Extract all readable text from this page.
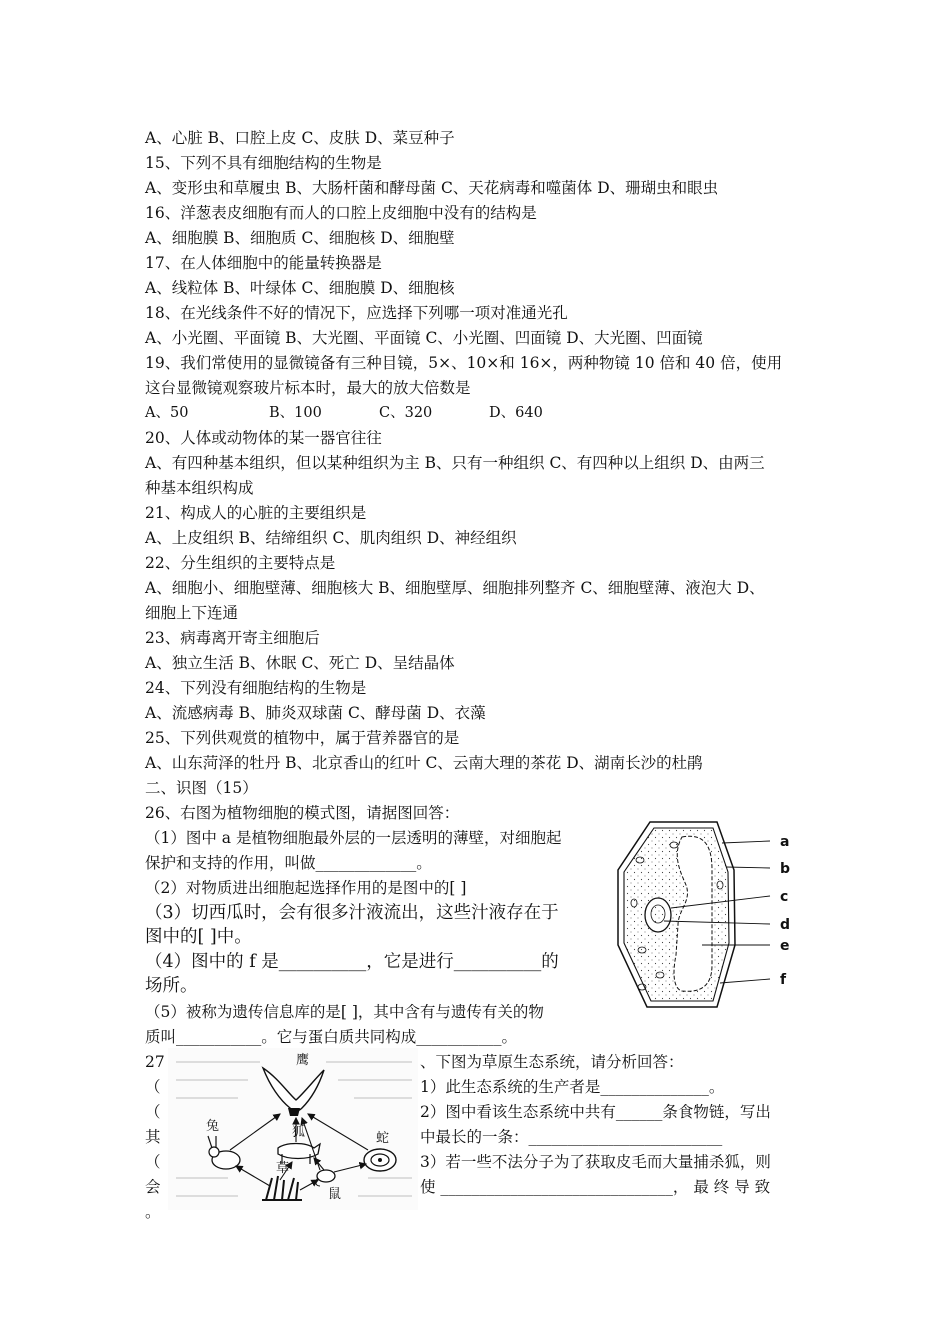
A、心脏 B、口腔上皮 C、皮肤 D、菜豆种子
15、下列不具有细胞结构的生物是
A、变形虫和草履虫 B、大肠杆菌和酵母菌 C、天花病毒和噬菌体 D、珊瑚虫和眼虫
16、洋葱表皮细胞有而人的口腔上皮细胞中没有的结构是
A、细胞膜 B、细胞质 C、细胞核 D、细胞壁
17、在人体细胞中的能量转换器是
A、线粒体 B、叶绿体 C、细胞膜 D、细胞核
18、在光线条件不好的情况下，应选择下列哪一项对准通光孔
A、小光圈、平面镜 B、大光圈、平面镜 C、小光圈、凹面镜 D、大光圈、凹面镜
19、我们常使用的显微镜备有三种目镜，5×、10×和 16×，两种物镜 10 倍和 40 倍，使用
这台显微镜观察玻片标本时，最大的放大倍数是
A、50	B、100	C、320	D、640
20、人体或动物体的某一器官往往
A、有四种基本组织，但以某种组织为主 B、只有一种组织 C、有四种以上组织 D、由两三
种基本组织构成
21、构成人的心脏的主要组织是
A、上皮组织 B、结缔组织 C、肌肉组织 D、神经组织
22、分生组织的主要特点是
A、细胞小、细胞壁薄、细胞核大 B、细胞壁厚、细胞排列整齐 C、细胞壁薄、液泡大 D、
细胞上下连通
23、病毒离开寄主细胞后
A、独立生活 B、休眠 C、死亡 D、呈结晶体
24、下列没有细胞结构的生物是
A、流感病毒 B、肺炎双球菌 C、酵母菌 D、衣藻
25、下列供观赏的植物中，属于营养器官的是
A、山东菏泽的牡丹 B、北京香山的红叶 C、云南大理的茶花 D、湖南长沙的杜鹃
二、识图（15）
26、右图为植物细胞的模式图，请据图回答：
（1）图中 a 是植物细胞最外层的一层透明的薄壁，对细胞起
保护和支持的作用，叫做_____________。
（2）对物质进出细胞起选择作用的是图中的[ ]
（3）切西瓜时，会有很多汁液流出，这些汁液存在于
图中的[ ]中。
（4）图中的 f 是__________，它是进行__________的
场所。
（5）被称为遗传信息库的是[ ]，其中含有与遗传有关的物
质叫___________。它与蛋白质共同构成___________。
a
b
c
d
e
f
27
（
（
其
（
会
。
鹰
兔	狐	蛇
草
鼠
、下图为草原生态系统，请分析回答：
1）此生态系统的生产者是______________。
2）图中看该生态系统中共有______条食物链，写出
中最长的一条：_________________________
3）若一些不法分子为了获取皮毛而大量捕杀狐，则
使 ______________________________， 最 终 导 致
